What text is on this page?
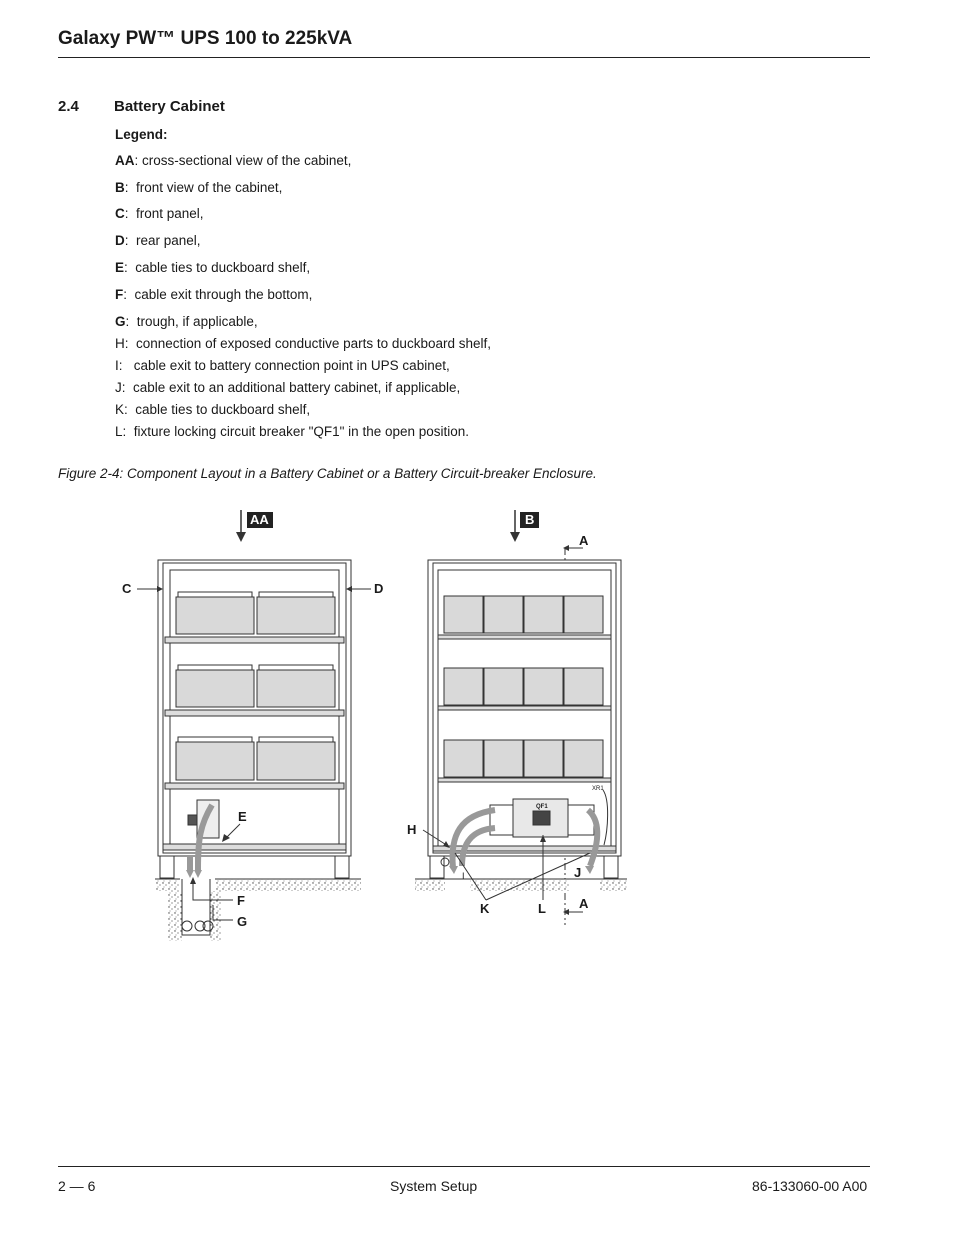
Galaxy PW™ UPS 100 to 225kVA
2.4 Battery Cabinet
Legend:
AA: cross-sectional view of the cabinet,
B:  front view of the cabinet,
C:  front panel,
D:  rear panel,
E:  cable ties to duckboard shelf,
F:  cable exit through the bottom,
G:  trough, if applicable,
H:  connection of exposed conductive parts to duckboard shelf,
I:   cable exit to battery connection point in UPS cabinet,
J:  cable exit to an additional battery cabinet, if applicable,
K:  cable ties to duckboard shelf,
L:  fixture locking circuit breaker "QF1" in the open position.
Figure 2-4: Component Layout in a Battery Cabinet or a Battery Circuit-breaker Enclosure.
AA	B
A
A
C	D
E
F
G
H
J
K	L
I
QF1
XR1
2 — 6	System Setup	86-133060-00 A00
